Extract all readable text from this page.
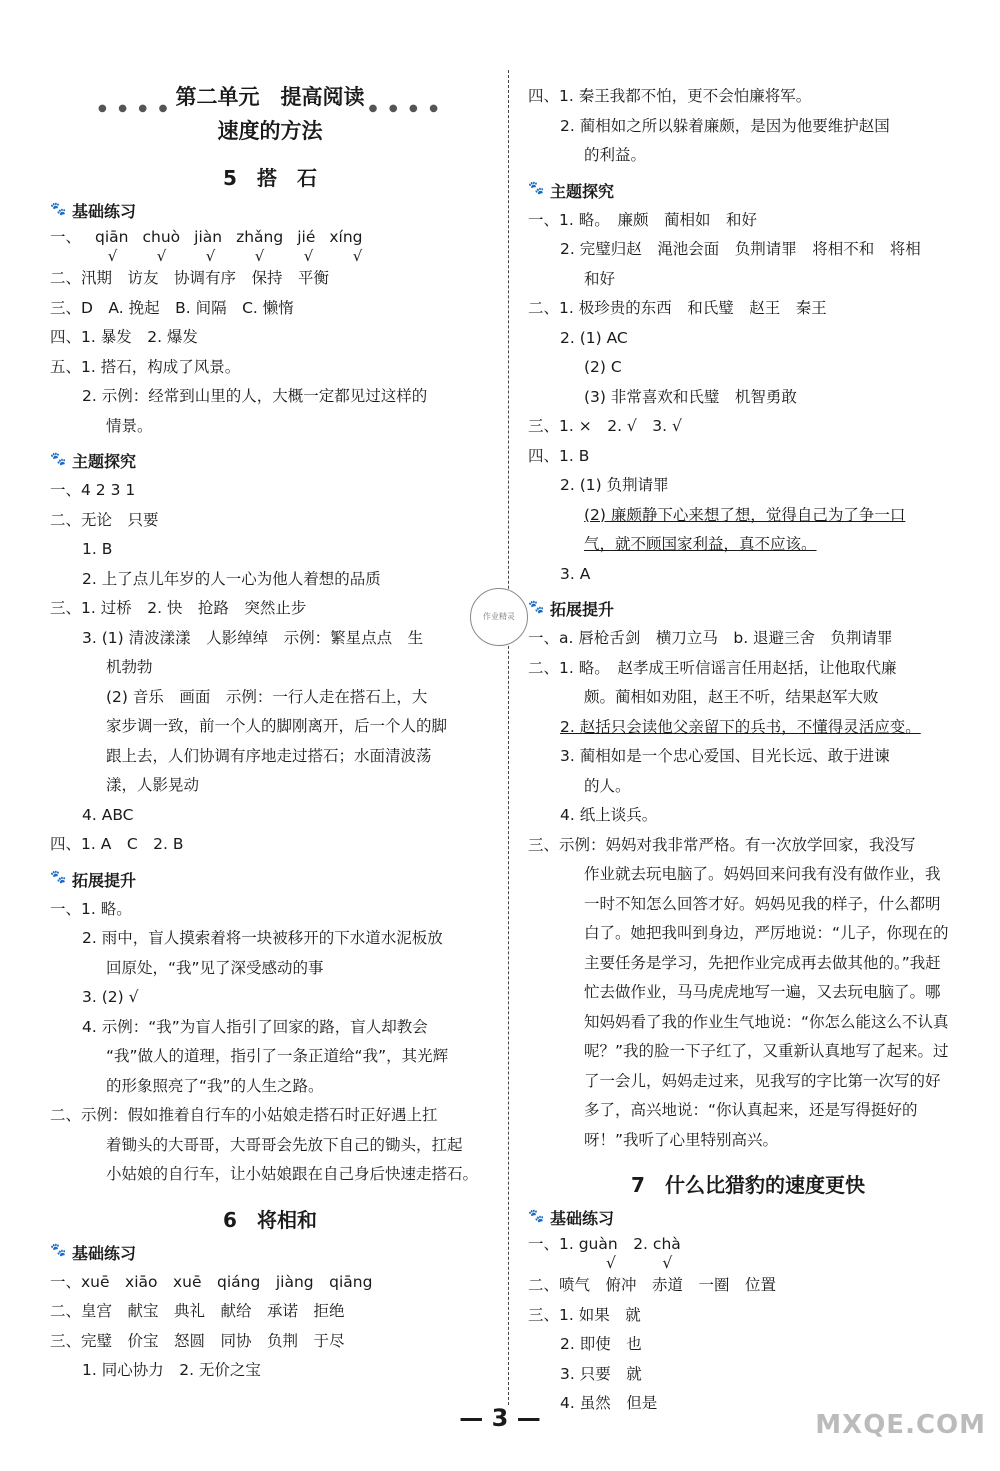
● ● ● ● 第二单元　提高阅读
速度的方法
● ● ● ●
5　搭　石
🐾
基础练习
一、 qiān chuò jiàn zhǎng jié xíng
√	√	√	√	√	√
二、汛期　访友　协调有序　保持　平衡
三、D　A. 挽起　B. 间隔　C. 懒惰
四、1. 暴发　2. 爆发
五、1. 搭石，构成了风景。
2. 示例：经常到山里的人，大概一定都见过这样的
情景。
🐾
主题探究
一、4 2 3 1
二、无论　只要
1. B
2. 上了点儿年岁的人一心为他人着想的品质
三、1. 过桥　2. 快　抢路　突然止步
3. (1) 清波漾漾　人影绰绰　示例：繁星点点　生
机勃勃
(2) 音乐　画面　示例：一行人走在搭石上，大
家步调一致，前一个人的脚刚离开，后一个人的脚
跟上去，人们协调有序地走过搭石；水面清波荡
漾，人影晃动
4. ABC
四、1. A　C　2. B
🐾
拓展提升
一、1. 略。
2. 雨中，盲人摸索着将一块被移开的下水道水泥板放
回原处，“我”见了深受感动的事
3. (2) √
4. 示例：“我”为盲人指引了回家的路，盲人却教会
“我”做人的道理，指引了一条正道给“我”，其光辉
的形象照亮了“我”的人生之路。
二、示例：假如推着自行车的小姑娘走搭石时正好遇上扛
着锄头的大哥哥，大哥哥会先放下自己的锄头，扛起
小姑娘的自行车，让小姑娘跟在自己身后快速走搭石。
6　将相和
🐾
基础练习
一、xuē　xiāo　xuē　qiáng　jiàng　qiāng
二、皇宫　献宝　典礼　献给　承诺　拒绝
三、完璧　价宝　怒圆　同协　负荆　于尽
1. 同心协力　2. 无价之宝
四、1. 秦王我都不怕，更不会怕廉将军。
2. 蔺相如之所以躲着廉颇，是因为他要维护赵国
的利益。
🐾
主题探究
一、1. 略。　廉颇　蔺相如　和好
2. 完璧归赵　渑池会面　负荆请罪　将相不和　将相
和好
二、1. 极珍贵的东西　和氏璧　赵王　秦王
2. (1) AC
(2) C
(3) 非常喜欢和氏璧　机智勇敢
三、1. ×　2. √　3. √
四、1. B
2. (1) 负荆请罪
(2) 廉颇静下心来想了想，觉得自己为了争一口
气，就不顾国家利益，真不应该。
3. A
🐾
拓展提升
一、a. 唇枪舌剑　横刀立马　b. 退避三舍　负荆请罪
二、1. 略。　赵孝成王听信谣言任用赵括，让他取代廉
颇。蔺相如劝阻，赵王不听，结果赵军大败
2. 赵括只会读他父亲留下的兵书，不懂得灵活应变。
3. 蔺相如是一个忠心爱国、目光长远、敢于进谏
的人。
4. 纸上谈兵。
三、示例：妈妈对我非常严格。有一次放学回家，我没写
作业就去玩电脑了。妈妈回来问我有没有做作业，我
一时不知怎么回答才好。妈妈见我的样子，什么都明
白了。她把我叫到身边，严厉地说：“儿子，你现在的
主要任务是学习，先把作业完成再去做其他的。”我赶
忙去做作业，马马虎虎地写一遍，又去玩电脑了。哪
知妈妈看了我的作业生气地说：“你怎么能这么不认真
呢？”我的脸一下子红了，又重新认真地写了起来。过
了一会儿，妈妈走过来，见我写的字比第一次写的好
多了，高兴地说：“你认真起来，还是写得挺好的
呀！”我听了心里特别高兴。
7　什么比猎豹的速度更快
🐾
基础练习
一、1. guàn　2. chà
√　　　√
二、喷气　俯冲　赤道　一圈　位置
三、1. 如果　就
2. 即使　也
3. 只要　就
4. 虽然　但是
作业精灵
— 3 —	MXQE.COM
